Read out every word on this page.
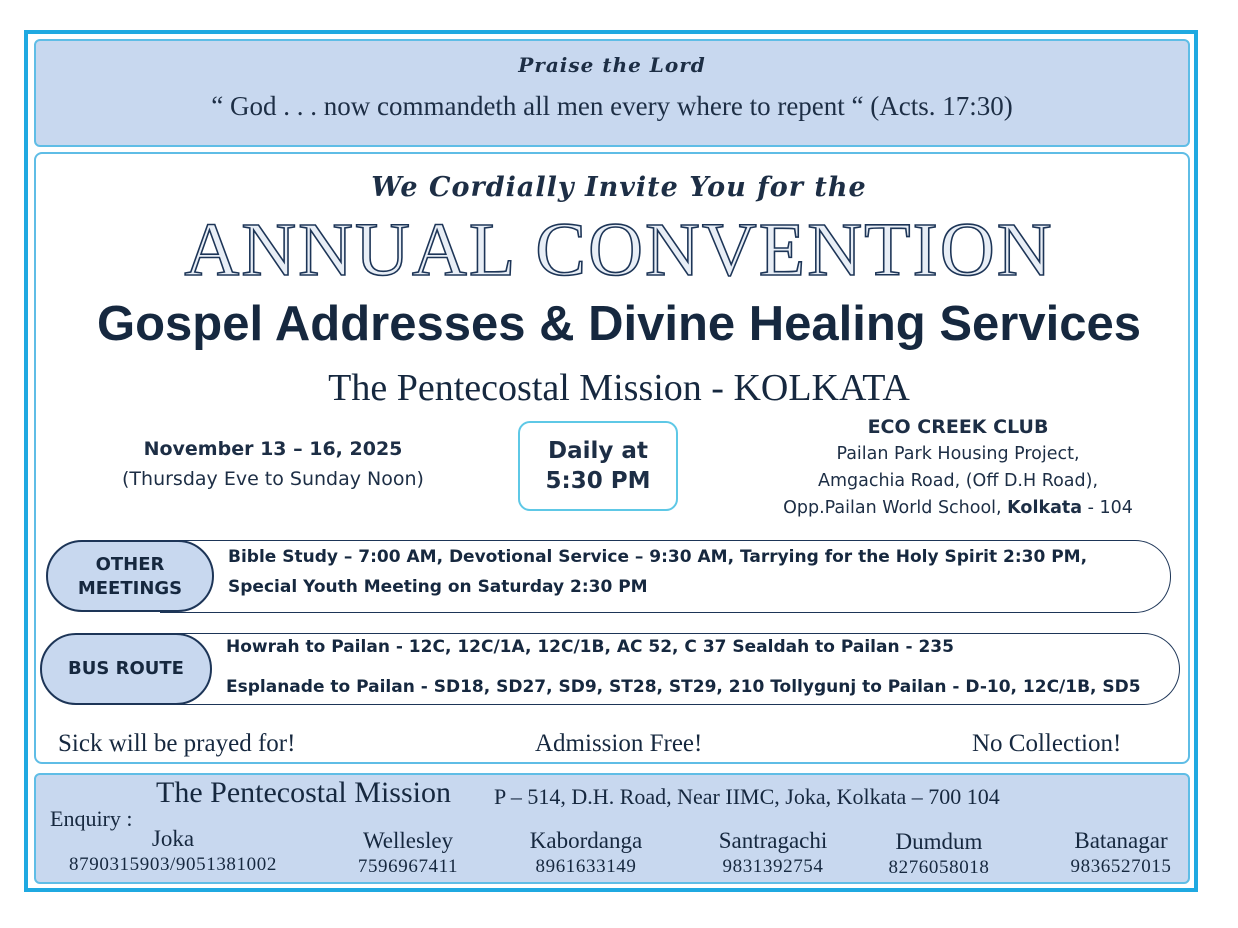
Praise the Lord
“ God . . . now commandeth all men every where to repent “ (Acts. 17:30)
We Cordially Invite You for the
ANNUAL CONVENTION
Gospel Addresses & Divine Healing Services
The Pentecostal Mission - KOLKATA
November 13 – 16, 2025
(Thursday Eve to Sunday Noon)
Daily at
5:30 PM
ECO CREEK CLUB
Pailan Park Housing Project,
Amgachia Road, (Off D.H Road),
Opp.Pailan World School, Kolkata - 104
OTHER
MEETINGS
Bible Study – 7:00 AM, Devotional Service – 9:30 AM, Tarrying for the Holy Spirit 2:30 PM,
Special Youth Meeting on Saturday 2:30 PM
BUS ROUTE
Howrah to Pailan - 12C, 12C/1A, 12C/1B, AC 52, C 37 Sealdah to Pailan - 235
Esplanade to Pailan - SD18, SD27, SD9, ST28, ST29, 210 Tollygunj to Pailan - D-10, 12C/1B, SD5
Sick will be prayed for!	Admission Free!	No Collection!
The Pentecostal Mission P – 514, D.H. Road, Near IIMC, Joka, Kolkata – 700 104
Enquiry :
Joka
8790315903/9051381002
Wellesley
7596967411
Kabordanga
8961633149
Santragachi
9831392754
Dumdum
8276058018
Batanagar
9836527015
